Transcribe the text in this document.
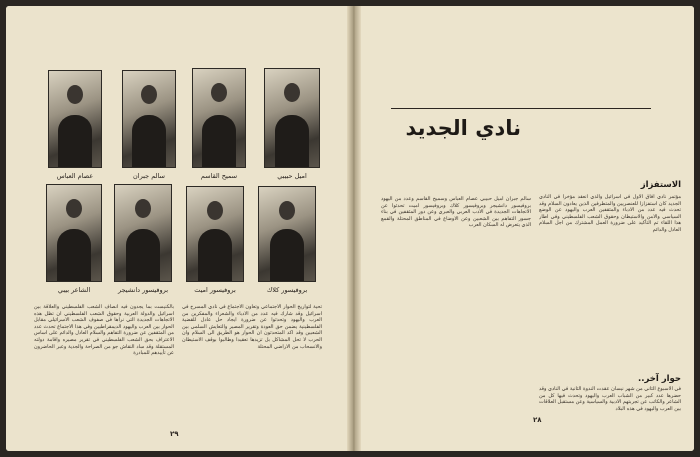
عصام العباس	سالم جبران	سميح القاسم	اميل حبيبي
الشاعر بيبي	بروفيسور دانشيجر	بروفيسور اميت	بروفيسور كلاك
بالكنيست بما يجدون فيه انصاف الشعب الفلسطيني والعلاقة بين اسرائيل والدولة العربية وحقوق الشعب الفلسطيني ان تظل هذه الاتجاهات الجديدة التي نراها في صفوف الشعب الاسرائيلي مقابل الحوار بين العرب واليهود الديمقراطيين وفي هذا الاجتماع تحدث عدد من المثقفين عن ضرورة التفاهم والسلام العادل والدائم على اساس الاعتراف بحق الشعب الفلسطيني في تقرير مصيره واقامة دولته المستقلة وقد ساد النقاش جو من الصراحة والجدية وعبر الحاضرون عن تأييدهم للمبادرة
تحية لتواريخ الحوار الاجتماعي وتعاون الاجتماع في نادي المسرح في اسرائيل وقد شارك فيه عدد من الادباء والشعراء والمفكرين من العرب واليهود وتحدثوا عن ضرورة ايجاد حل عادل للقضية الفلسطينية يضمن حق العودة وتقرير المصير والتعايش السلمي بين الشعبين وقد اكد المتحدثون ان الحوار هو الطريق الى السلام وان الحرب لا تحل المشاكل بل تزيدها تعقيدا وطالبوا بوقف الاستيطان والانسحاب من الاراضي المحتلة
٢٩
نادي الجديد
الاستفزاز
مؤتمر نادي افاق الاول في اسرائيل والذي انعقد مؤخرا في النادي الجديد كان استفزازا للعنصريين والمتطرفين الذين يعادون السلام وقد تحدث فيه عدد من الادباء والمثقفين العرب واليهود عن الوضع السياسي والامن والاستيطان وحقوق الشعب الفلسطيني وفي اطار هذا اللقاء تم التأكيد على ضرورة العمل المشترك من اجل السلام العادل والدائم
حوار آخر..
في الاسبوع الثاني من شهر نيسان عقدت الندوة الثانية في النادي وقد حضرها عدد كبير من الشباب العرب واليهود وتحدث فيها كل من الشاعر والكاتب عن تجربتهم الادبية والسياسية وعن مستقبل العلاقات بين العرب واليهود في هذه البلاد
سالم جبران اميل حبيبي عصام العباس وسميح القاسم وعدد من اليهود بروفيسور دانشيجر وبروفيسور كلاك وبروفيسور اميت تحدثوا عن الاتجاهات الجديدة في الادب العربي والعبري وعن دور المثقفين في بناء جسور التفاهم بين الشعبين وعن الاوضاع في المناطق المحتلة والقمع الذي يتعرض له السكان العرب
٢٨
